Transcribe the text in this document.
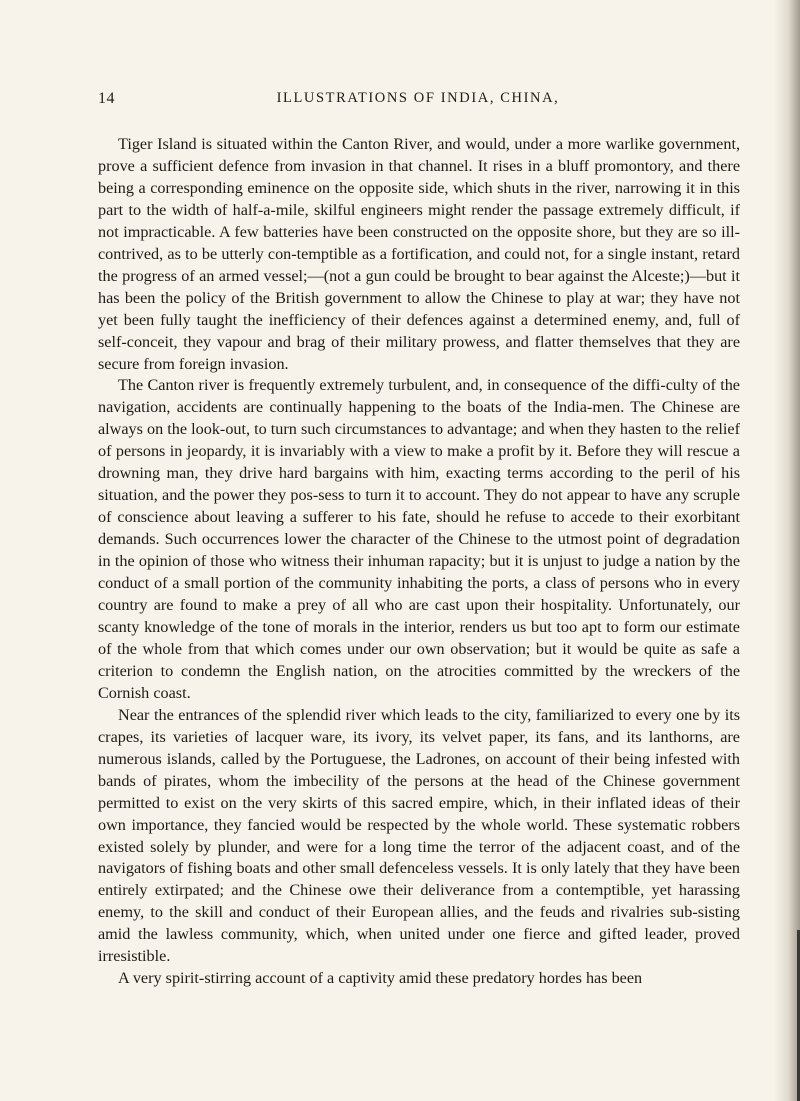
14	ILLUSTRATIONS OF INDIA, CHINA,

Tiger Island is situated within the Canton River, and would, under a more warlike government, prove a sufficient defence from invasion in that channel. It rises in a bluff promontory, and there being a corresponding eminence on the opposite side, which shuts in the river, narrowing it in this part to the width of half-a-mile, skilful engineers might render the passage extremely difficult, if not impracticable. A few batteries have been constructed on the opposite shore, but they are so ill-contrived, as to be utterly con-temptible as a fortification, and could not, for a single instant, retard the progress of an armed vessel;—(not a gun could be brought to bear against the Alceste;)—but it has been the policy of the British government to allow the Chinese to play at war; they have not yet been fully taught the inefficiency of their defences against a determined enemy, and, full of self-conceit, they vapour and brag of their military prowess, and flatter themselves that they are secure from foreign invasion.

The Canton river is frequently extremely turbulent, and, in consequence of the diffi-culty of the navigation, accidents are continually happening to the boats of the India-men. The Chinese are always on the look-out, to turn such circumstances to advantage; and when they hasten to the relief of persons in jeopardy, it is invariably with a view to make a profit by it. Before they will rescue a drowning man, they drive hard bargains with him, exacting terms according to the peril of his situation, and the power they pos-sess to turn it to account. They do not appear to have any scruple of conscience about leaving a sufferer to his fate, should he refuse to accede to their exorbitant demands. Such occurrences lower the character of the Chinese to the utmost point of degradation in the opinion of those who witness their inhuman rapacity; but it is unjust to judge a nation by the conduct of a small portion of the community inhabiting the ports, a class of persons who in every country are found to make a prey of all who are cast upon their hospitality. Unfortunately, our scanty knowledge of the tone of morals in the interior, renders us but too apt to form our estimate of the whole from that which comes under our own observation; but it would be quite as safe a criterion to condemn the English nation, on the atrocities committed by the wreckers of the Cornish coast.

Near the entrances of the splendid river which leads to the city, familiarized to every one by its crapes, its varieties of lacquer ware, its ivory, its velvet paper, its fans, and its lanthorns, are numerous islands, called by the Portuguese, the Ladrones, on account of their being infested with bands of pirates, whom the imbecility of the persons at the head of the Chinese government permitted to exist on the very skirts of this sacred empire, which, in their inflated ideas of their own importance, they fancied would be respected by the whole world. These systematic robbers existed solely by plunder, and were for a long time the terror of the adjacent coast, and of the navigators of fishing boats and other small defenceless vessels. It is only lately that they have been entirely extirpated; and the Chinese owe their deliverance from a contemptible, yet harassing enemy, to the skill and conduct of their European allies, and the feuds and rivalries sub-sisting amid the lawless community, which, when united under one fierce and gifted leader, proved irresistible.

A very spirit-stirring account of a captivity amid these predatory hordes has been
